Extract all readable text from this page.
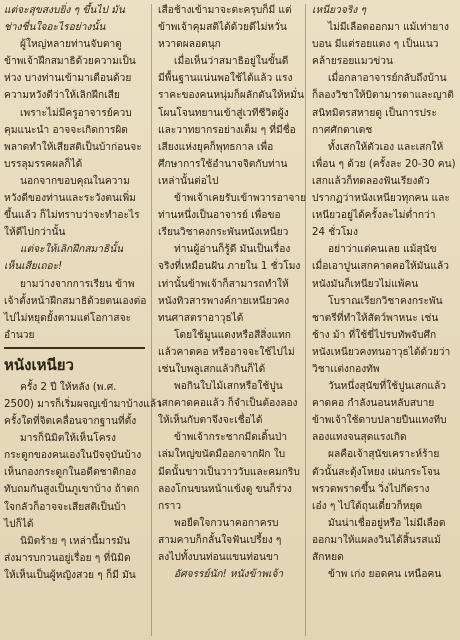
แต่จะสุขสงบยิ่ง ๆ ขึ้นไป มัน
ช่างชื่นใจอะไรอย่างนั้น
ผู้ใหญ่หลายท่านจับตาดู
ข้าพเจ้าฝึกสมาธิด้วยความเป็น
ห่วง บางท่านเข้ามาเตือนด้วย
ความหวังดีว่าให้เลิกฝึกเสีย
เพราะไม่มีครูอาจารย์ควบ
คุมแนะนำ อาจจะเกิดการผิด
พลาดทำให้เสียสติเป็นบ้าก่อนจะ
บรรลุมรรคผลก็ได้
นอกจากขอบคุณในความ
หวังดีของท่านและระวังตนเพิ่ม
ขึ้นแล้ว ก็ไม่ทราบว่าจะทำอะไร
ให้ดีไปกว่านั้น
แต่จะให้เลิกฝึกสมาธินั้น
เห็นเสียเถอะ!
ยามว่างจากการเรียน ข้าพ
เจ้าตั้งหน้าฝึกสมาธิด้วยตนเองต่อ
ไปไม่หยุดยั้งตามแต่โอกาสจะ
อำนวย
หนังเหนียว
ครั้ง 2 ปี ให้หลัง (พ.ศ.
2500) มารก็เริ่มผจญเข้ามาบ้างแล้ว
ครั้งใดที่จิตเคลื่อนจากฐานที่ตั้ง
มารก็นิมิตให้เห็นโครง
กระดูกของคนเองในปัจจุบันบ้าง
เห็นกองกระดูกในอดีตชาติกอง
ทับถมกันสูงเป็นภูเขาบ้าง ถ้าตก
ใจกลัวก็อาจจะเสียสติเป็นบ้า
ไปก็ได้
นิมิตร้าย ๆ เหล่านี้มารมัน
ส่งมารบกวนอยู่เรื่อย ๆ ที่นิมิต
ให้เห็นเป็นผู้หญิงสวย ๆ ก็มี มัน
เสือช้างเข้ามาจะตะครุบก็มี แต่
ข้าพเจ้าคุมสติได้ด้วยดีไม่หวั่น
หวาดผลอตนุก
เมื่อเห็นว่าสมาธิอยู่ในขั้นดี
มีพื้นฐานแน่นพอใช้ได้แล้ว แรง
ราคะของคนหนุ่มก็ผลักดันให้หมั่น
โผนโจนทยานเข้าสู่เวทีชีวิตผู้ง
และวาทยากรอย่างเต็ม ๆ ที่มีชื่อ
เสียงแห่งยุคก็พุทธกาล เพื่อ
ศึกษาการใช้อำนาจจิตกับท่าน
เหล่านั้นต่อไป
ข้าพเจ้าเคยรับเข้าพวารอาจาย
ท่านหนึ่งเป็นอาจารย์ เพื่อขอ
เรียนวิชาคงกระพันหนังเหนียว
ท่านผู้อ่านก็รู้ดี มันเป็นเรื่อง
จริงที่เหมือนฝัน ภายใน 1 ชั่วโมง
เท่านั้นข้าพเจ้าก็สามารถทำให้
หนังทิวสารพางค์กายเหนียวคง
ทนศาสตราอาวุธได้
โดยใช้มูนแดงหรือสีสิ่งแทก
แล้วคาดคอ หรืออาจจะใช้ไปไม่
เช่นใบพลูเสกแล้วกินก็ได้
พอกินใบไม้เสกหรือใช้ปูน
เสกคาดคอแล้ว ก็จำเป็นต้องลอง
ให้เห็นกับตาจึงจะเชื่อได้
ข้าพเจ้ากระชากมีดเดิ้นป่า
เล่มใหญ่ขนัดมืออกจากฝัก ใบ
มีดนั้นขาวเป็นวาววับและคมกริบ
ลองโกนขนหน้าแข้งดู ขนก็ร่วง
กราว
พอยืดใจกวนาคอกาครบ
สามคาบก็กลั้นใจฟันเปรี้ยง ๆ
ลงไปทั้งบนท่อนแขนท่อนขา
อัศจรรย์นัก! หนังข้าพเจ้า
เหนียวจริง ๆ
ไม่มีเลือดออกมา แม้เท่ายาง
บอน มีแต่รอยแดง ๆ เป็นแนว
คล้ายรอยแมวข่วน
เมื่อกลาอาจารย์กลับถึงบ้าน
ก็ลองวิชาให้บิดามารดาและญาติ
สนิทมิตรสหายดู เป็นการประ
กาศศักดาเดช
ทั้งเสกให้ตัวเอง และเสกให้
เพื่อน ๆ ด้วย (ครั้งละ 20-30 คน)
เสกแล้วก็ทดลองฟันเรียงตัว
ปรากฏว่าหนังเหนียวทุกคน และ
เหนียวอยู่ได้ครั้งละไม่ต่ำกว่า
24 ชั่วโมง
อย่าว่าแต่คนเลย แม้สุนัข
เมื่อเอาปูนเสกคาดคอให้มันแล้ว
หนังมันก็เหนียวไม่แพ้คน
โบราณเรียกวิชาคงกระพัน
ชาตรีที่ทำให้สัตว์พาหนะ เช่น
ช้าง ม้า ที่ใช้ขี่ไปรบทัพจับศึก
หนังเหนียวคงทนอาวุธได้ด้วยว่า
วิชาเเต่งกองทัพ
วันหนึ่งสุนัขที่ใช้ปูนเสกแล้ว
คาดคอ กำลังนอนหลับสบาย
ข้าพเจ้าใช้ดาบปลายปืนแทงทีบ
ลองแทงจนสุดแรงเกิด
ผลคือเจ้าสุนัขเคราะห์ร้าย
ตัวนั้นสะดุ้งโหยง เผ่นกระโจน
พรวดพราดขึ้น วิ่งไปกีดราง
เอ๋ง ๆ ไปใต้ถุนเดี๋ยวก็หยุด
มันน่าเชื่ออยู่หรือ ไม่มีเลือด
ออกมาให้แผลงวินได้สิ้นรสแม้
สักหยด
ข้าพ เก่ง ยอดคน เหนือคน
